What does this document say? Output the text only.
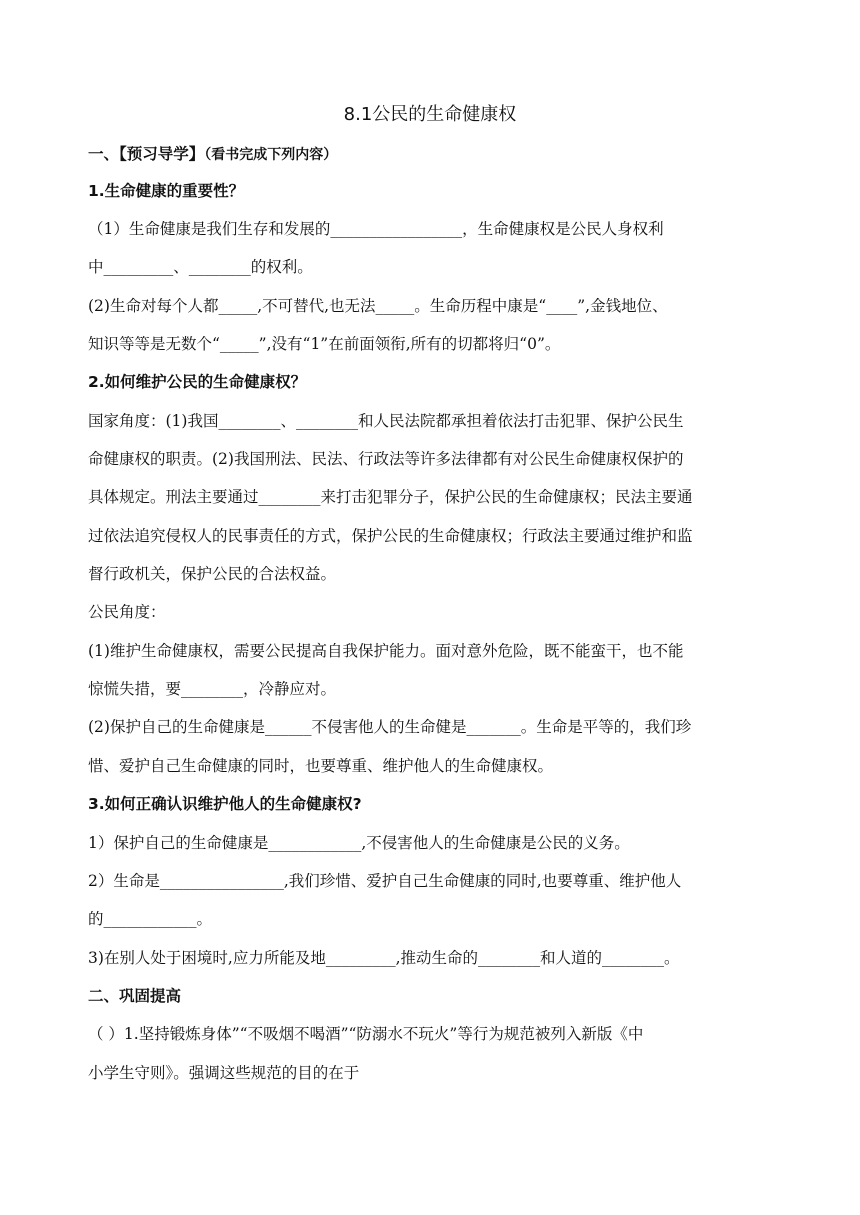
8.1公民的生命健康权
一、【预习导学】（看书完成下列内容）
1.生命健康的重要性？
（1）生命健康是我们生存和发展的_________________，生命健康权是公民人身权利
中_________、________的权利。
(2)生命对每个人都_____,不可替代,也无法_____。生命历程中康是“____”,金钱地位、
知识等等是无数个“_____”,没有“1”在前面领衔,所有的切都将归“0”。
2.如何维护公民的生命健康权？
国家角度：(1)我国________、________和人民法院都承担着依法打击犯罪、保护公民生
命健康权的职责。(2)我国刑法、民法、行政法等许多法律都有对公民生命健康权保护的
具体规定。刑法主要通过________来打击犯罪分子，保护公民的生命健康权；民法主要通
过依法追究侵权人的民事责任的方式，保护公民的生命健康权；行政法主要通过维护和监
督行政机关，保护公民的合法权益。
公民角度：
(1)维护生命健康权，需要公民提高自我保护能力。面对意外危险，既不能蛮干，也不能
惊慌失措，要________，冷静应对。
(2)保护自己的生命健康是______不侵害他人的生命健是_______。生命是平等的，我们珍
惜、爱护自己生命健康的同时，也要尊重、维护他人的生命健康权。
3.如何正确认识维护他人的生命健康权?
1）保护自己的生命健康是____________,不侵害他人的生命健康是公民的义务。
2）生命是________________,我们珍惜、爱护自己生命健康的同时,也要尊重、维护他人
的____________。
3)在别人处于困境时,应力所能及地_________,推动生命的________和人道的________。
二、巩固提高
（ ）1.坚持锻炼身体”“不吸烟不喝酒”“防溺水不玩火”等行为规范被列入新版《中
小学生守则》。强调这些规范的目的在于
